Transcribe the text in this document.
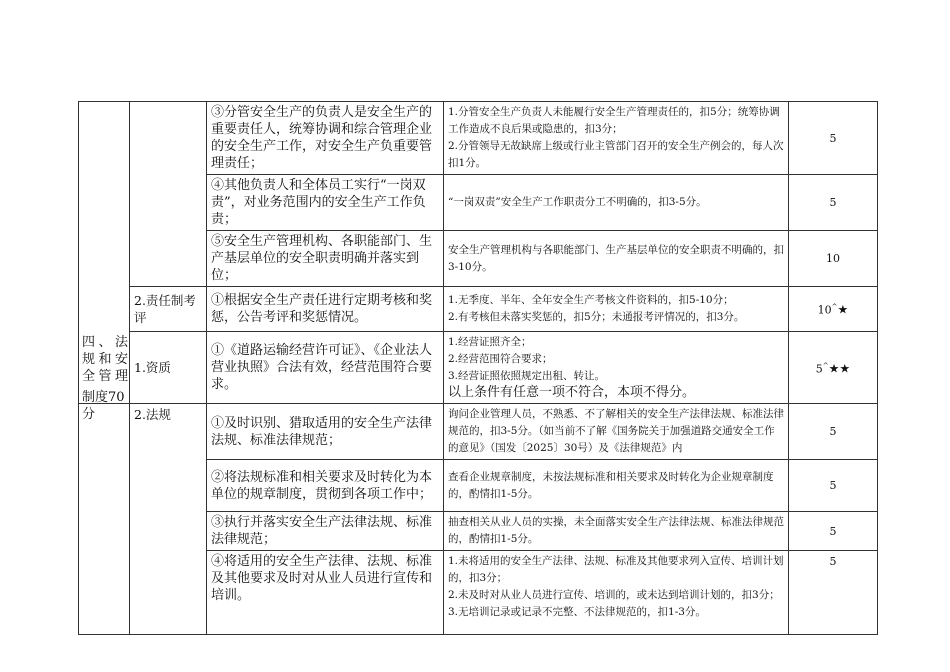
		③分管安全生产的负责人是安全生产的重要责任人，统筹协调和综合管理企业的安全生产工作，对安全生产负重要管理责任；	1.分管安全生产负责人未能履行安全生产管理责任的，扣5分；统筹协调工作造成不良后果或隐患的，扣3分；
2.分管领导无故缺席上级或行业主管部门召开的安全生产例会的，每人次扣1分。	5
		④其他负责人和全体员工实行“一岗双责”，对业务范围内的安全生产工作负责；	“一岗双责”安全生产工作职责分工不明确的，扣3-5分。	5
		⑤安全生产管理机构、各职能部门、生产基层单位的安全职责明确并落实到位；	安全生产管理机构与各职能部门、生产基层单位的安全职责不明确的，扣3-10分。	10
	2.责任制考评	①根据安全生产责任进行定期考核和奖惩，公告考评和奖惩情况。	1.无季度、半年、全年安全生产考核文件资料的，扣5-10分；
2.有考核但未落实奖惩的，扣5分；未通报考评情况的，扣3分。	10^★
	1.资质	①《道路运输经营许可证》、《企业法人营业执照》合法有效，经营范围符合要求。	1.经营证照齐全；
2.经营范围符合要求；
3.经营证照依照规定出租、转让。
以上条件有任意一项不符合，本项不得分。	5^★★
	2.法规	①及时识别、猎取适用的安全生产法律法规、标准法律规范；	询问企业管理人员，不熟悉、不了解相关的安全生产法律法规、标准法律规范的，扣3-5分。（如当前不了解《国务院关于加强道路交通安全工作的意见》（国发〔2025〕30号）及《法律规范》内	5
		②将法规标准和相关要求及时转化为本单位的规章制度，贯彻到各项工作中；	查看企业规章制度，未按法规标准和相关要求及时转化为企业规章制度的，酌情扣1-5分。	5
		③执行并落实安全生产法律法规、标准法律规范；	抽查相关从业人员的实操，未全面落实安全生产法律法规、标准法律规范的，酌情扣1-5分。	5
		④将适用的安全生产法律、法规、标准及其他要求及时对从业人员进行宣传和培训。	1.未将适用的安全生产法律、法规、标准及其他要求列入宣传、培训计划的，扣3分；
2.未及时对从业人员进行宣传、培训的，或未达到培训计划的，扣3分；
3.无培训记录或记录不完整、不法律规范的，扣1-3分。	5
四、法规和安全管理
制度70分
